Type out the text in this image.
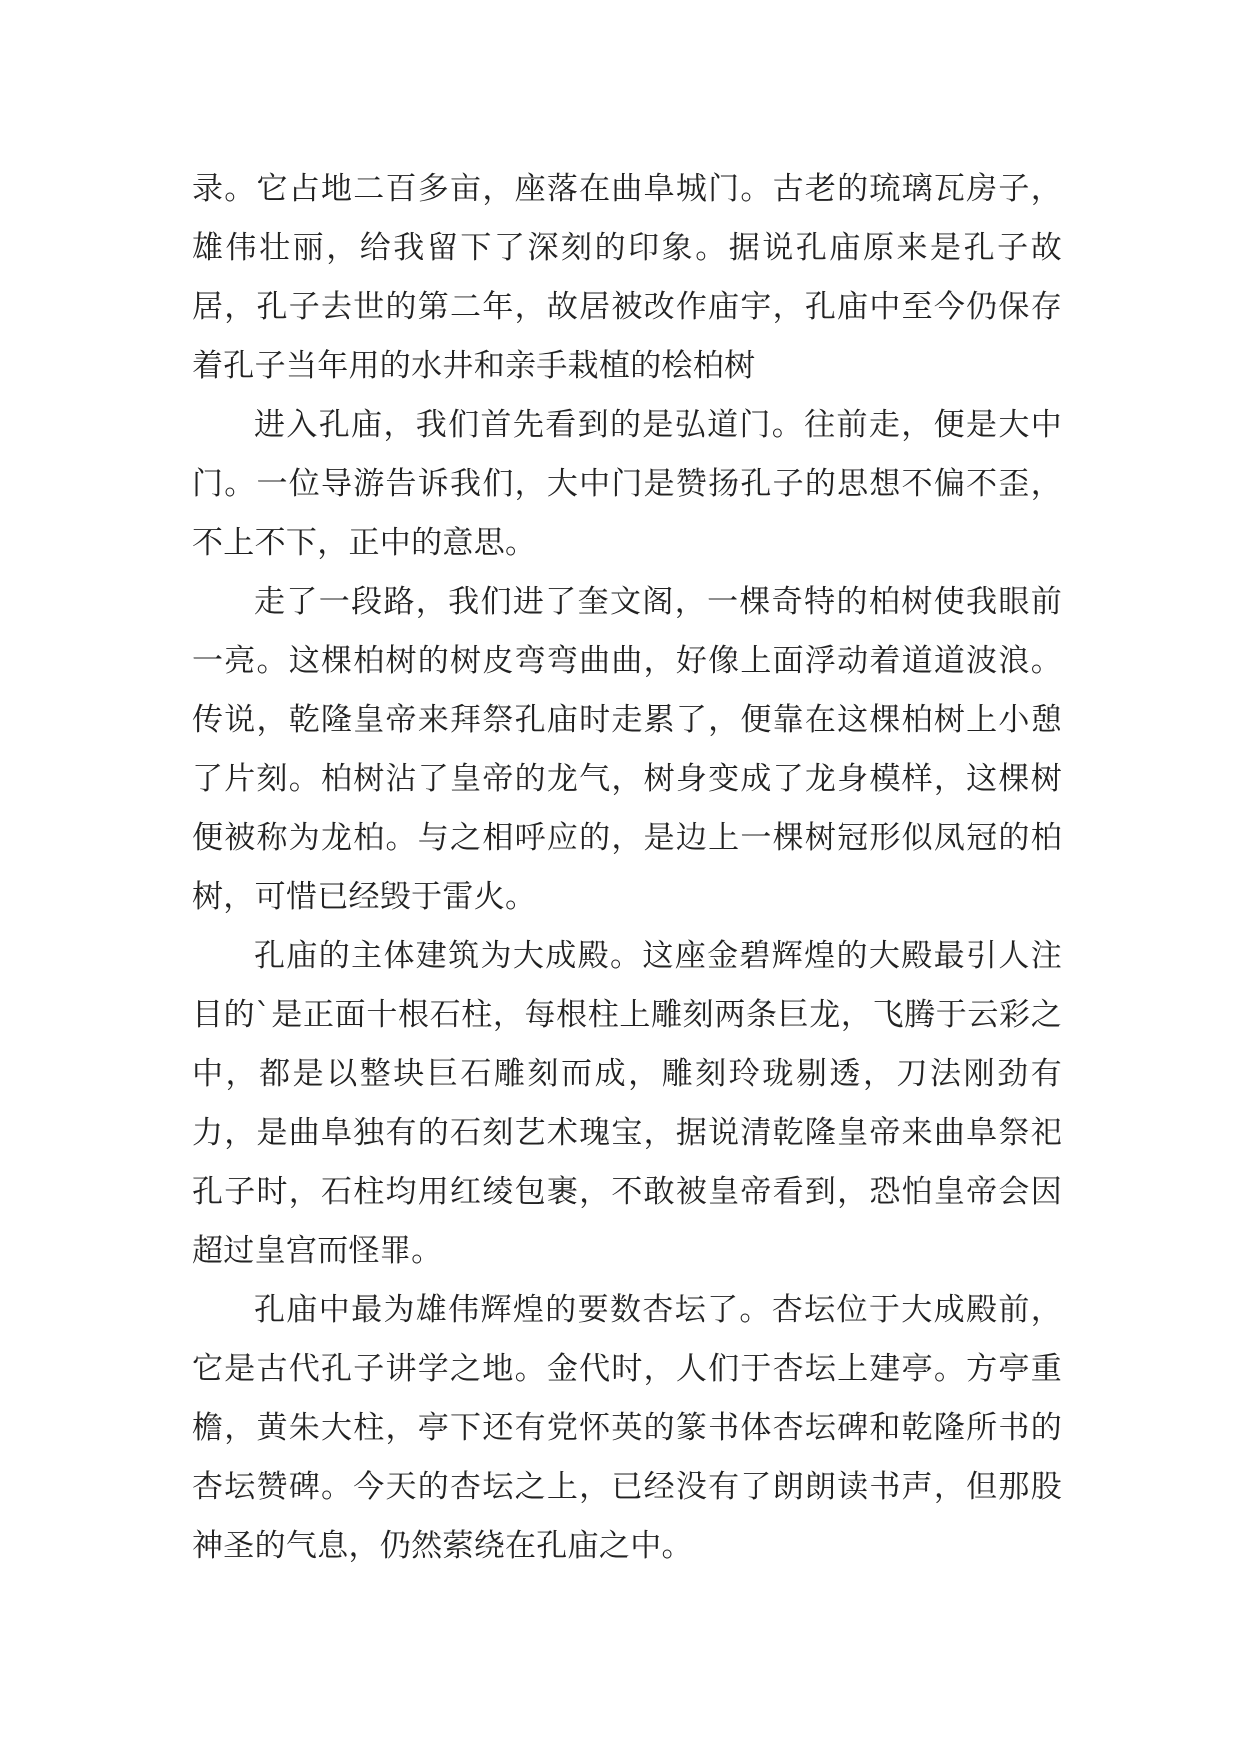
录。它占地二百多亩，座落在曲阜城门。古老的琉璃瓦房子，雄伟壮丽，给我留下了深刻的印象。据说孔庙原来是孔子故居，孔子去世的第二年，故居被改作庙宇，孔庙中至今仍保存着孔子当年用的水井和亲手栽植的桧柏树

进入孔庙，我们首先看到的是弘道门。往前走，便是大中门。一位导游告诉我们，大中门是赞扬孔子的思想不偏不歪，不上不下，正中的意思。

走了一段路，我们进了奎文阁，一棵奇特的柏树使我眼前一亮。这棵柏树的树皮弯弯曲曲，好像上面浮动着道道波浪。传说，乾隆皇帝来拜祭孔庙时走累了，便靠在这棵柏树上小憩了片刻。柏树沾了皇帝的龙气，树身变成了龙身模样，这棵树便被称为龙柏。与之相呼应的，是边上一棵树冠形似凤冠的柏树，可惜已经毁于雷火。

孔庙的主体建筑为大成殿。这座金碧辉煌的大殿最引人注目的`是正面十根石柱，每根柱上雕刻两条巨龙，飞腾于云彩之中，都是以整块巨石雕刻而成，雕刻玲珑剔透，刀法刚劲有力，是曲阜独有的石刻艺术瑰宝，据说清乾隆皇帝来曲阜祭祀孔子时，石柱均用红绫包裹，不敢被皇帝看到，恐怕皇帝会因超过皇宫而怪罪。

孔庙中最为雄伟辉煌的要数杏坛了。杏坛位于大成殿前，它是古代孔子讲学之地。金代时，人们于杏坛上建亭。方亭重檐，黄朱大柱，亭下还有党怀英的篆书体杏坛碑和乾隆所书的杏坛赞碑。今天的杏坛之上，已经没有了朗朗读书声，但那股神圣的气息，仍然萦绕在孔庙之中。
